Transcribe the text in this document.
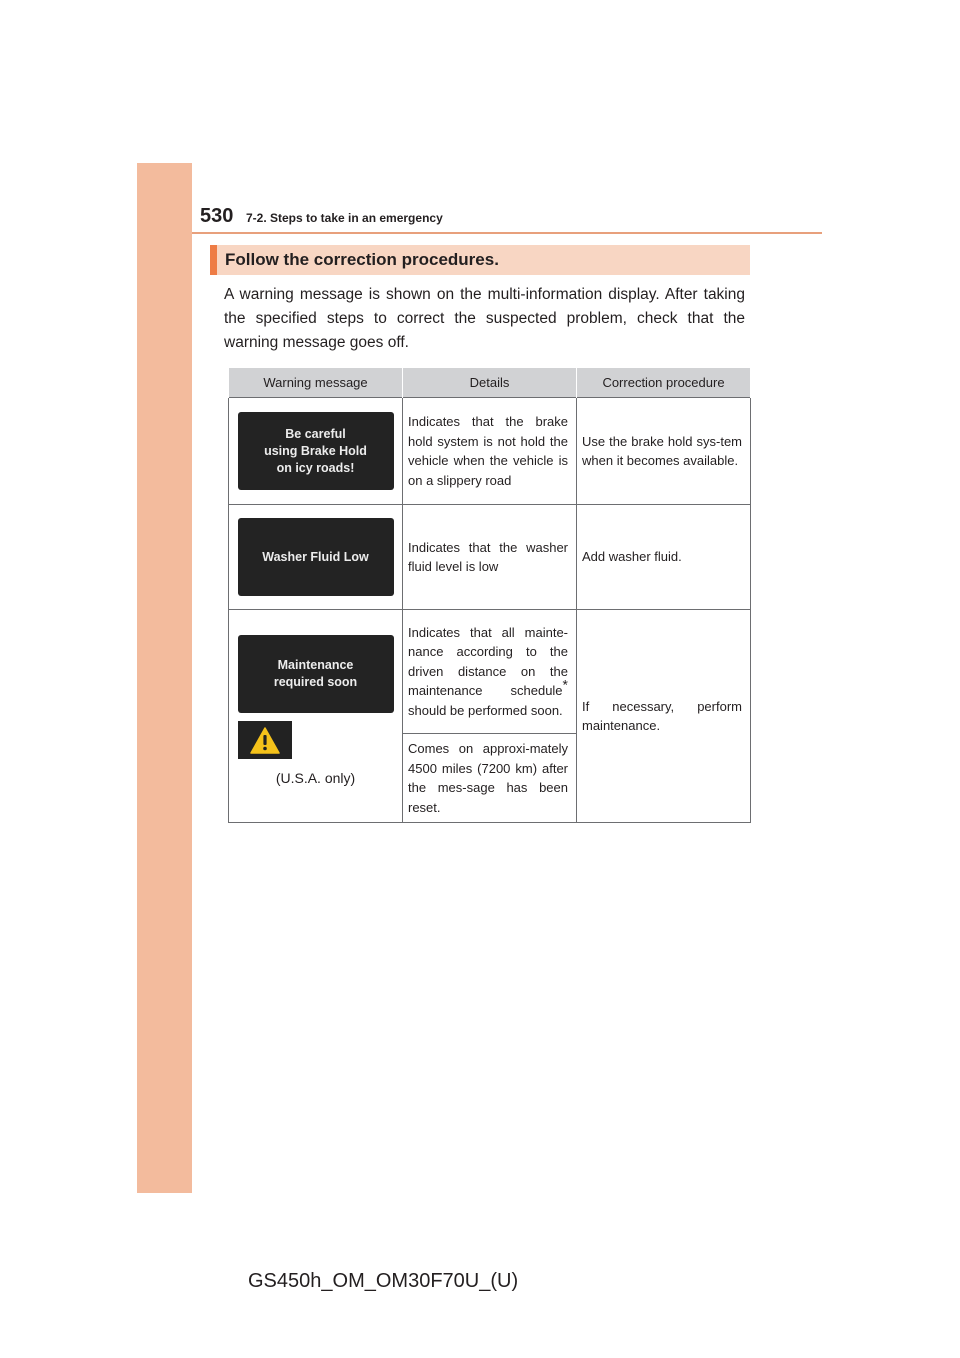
530 7-2. Steps to take in an emergency
Follow the correction procedures.

A warning message is shown on the multi-information display. After taking the specified steps to correct the suspected problem, check that the warning message goes off.

Warning message	Details	Correction procedure

Be careful
using Brake Hold
on icy roads!	Indicates that the brake hold system is not hold the vehicle when the vehicle is on a slippery road	Use the brake hold sys-tem when it becomes available.

Washer Fluid Low	Indicates that the washer fluid level is low	Add washer fluid.

Maintenance
required soon
(U.S.A. only)	Indicates that all mainte-nance according to the driven distance on the maintenance schedule* should be performed soon.	If necessary, perform maintenance.
	Comes on approxi-mately 4500 miles (7200 km) after the mes-sage has been reset.	
GS450h_OM_OM30F70U_(U)
